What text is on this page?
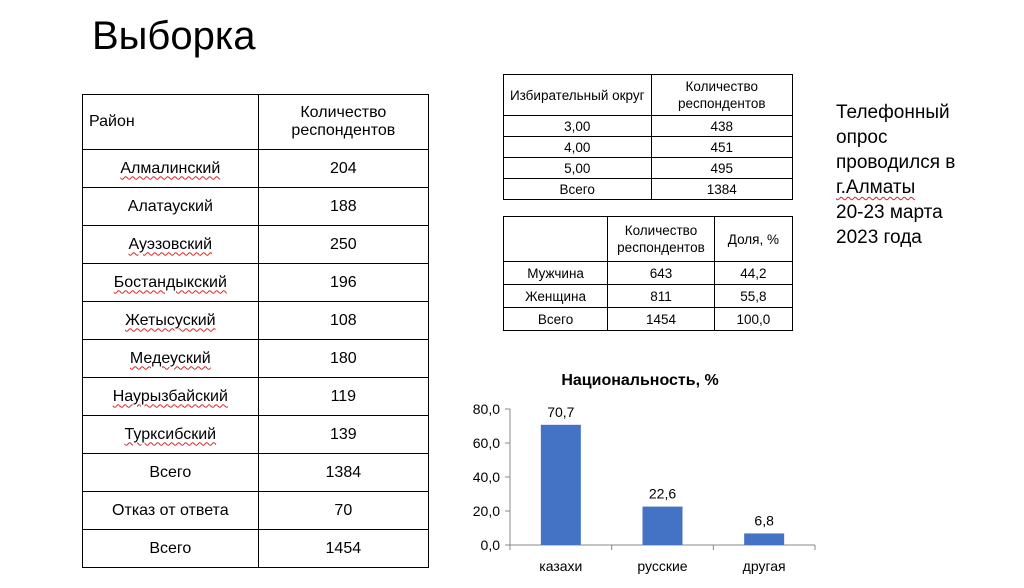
Выборка
Район	Количество респондентов
Алмалинский	204
Алатауский	188
Ауэзовский	250
Бостандыкский	196
Жетысуский	108
Медеуский	180
Наурызбайский	119
Турксибский	139
Всего	1384
Отказ от ответа	70
Всего	1454
Избирательный округ	Количество респондентов
3,00	438
4,00	451
5,00	495
Всего	1384
	Количество респондентов	Доля, %
Мужчина	643	44,2
Женщина	811	55,8
Всего	1454	100,0
Телефонный
опрос
проводился в
г.Алматы
20-23 марта
2023 года
Национальность, %
0,0
20,0
40,0
60,0
80,0	70,7
казахи
22,6
русские
6,8
другая
